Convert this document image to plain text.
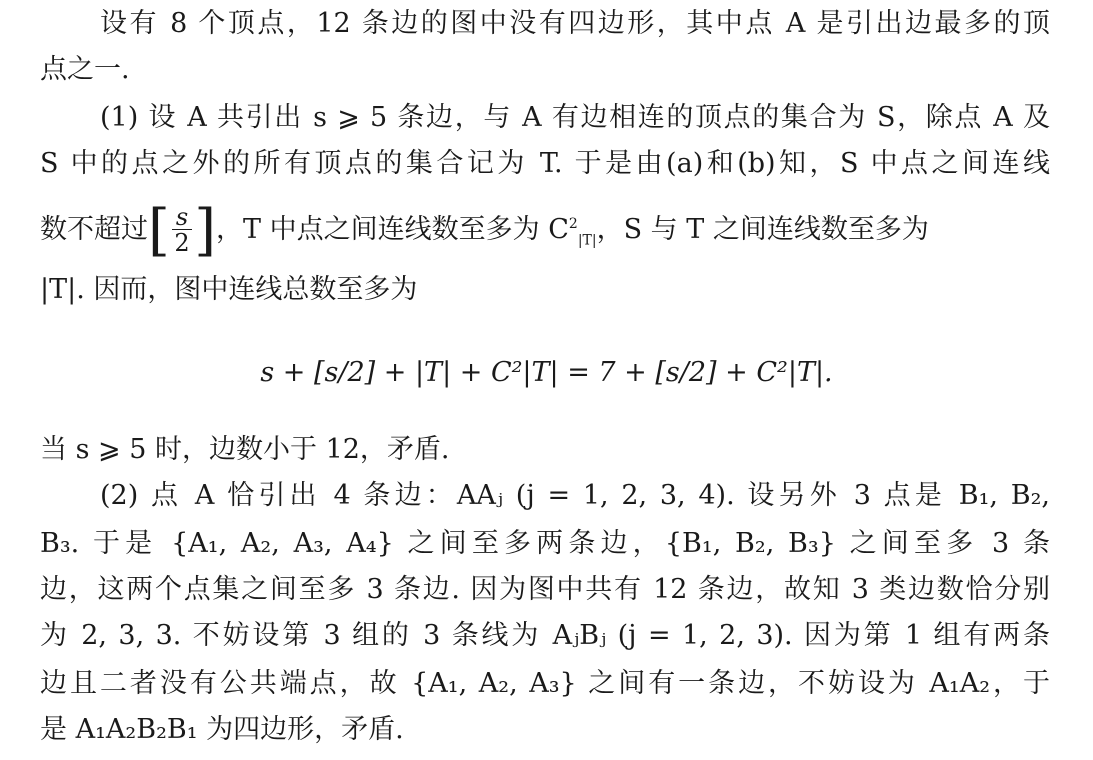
设有 8 个顶点，12 条边的图中没有四边形，其中点 A 是引出边最多的顶
点之一.
(1) 设 A 共引出 s ⩾ 5 条边，与 A 有边相连的顶点的集合为 S，除点 A 及
S 中的点之外的所有顶点的集合记为 T. 于是由(a)和(b)知，S 中点之间连线
数不超过[ $\frac{s}{2}$ ]，T 中点之间连线数至多为 $C^2_{|T|}$，S 与 T 之间连线数至多为
|T|. 因而，图中连线总数至多为
s + [s/2] + |T| + C²|T| = 7 + [s/2] + C²|T|.
当 s ⩾ 5 时，边数小于 12，矛盾.
(2) 点 A 恰引出 4 条边：AAⱼ (j = 1, 2, 3, 4). 设另外 3 点是 B₁, B₂,
B₃. 于是 {A₁, A₂, A₃, A₄} 之间至多两条边，{B₁, B₂, B₃} 之间至多 3 条
边，这两个点集之间至多 3 条边. 因为图中共有 12 条边，故知 3 类边数恰分别
为 2, 3, 3. 不妨设第 3 组的 3 条线为 AⱼBⱼ (j = 1, 2, 3). 因为第 1 组有两条
边且二者没有公共端点，故 {A₁, A₂, A₃} 之间有一条边，不妨设为 A₁A₂，于
是 A₁A₂B₂B₁ 为四边形，矛盾.
